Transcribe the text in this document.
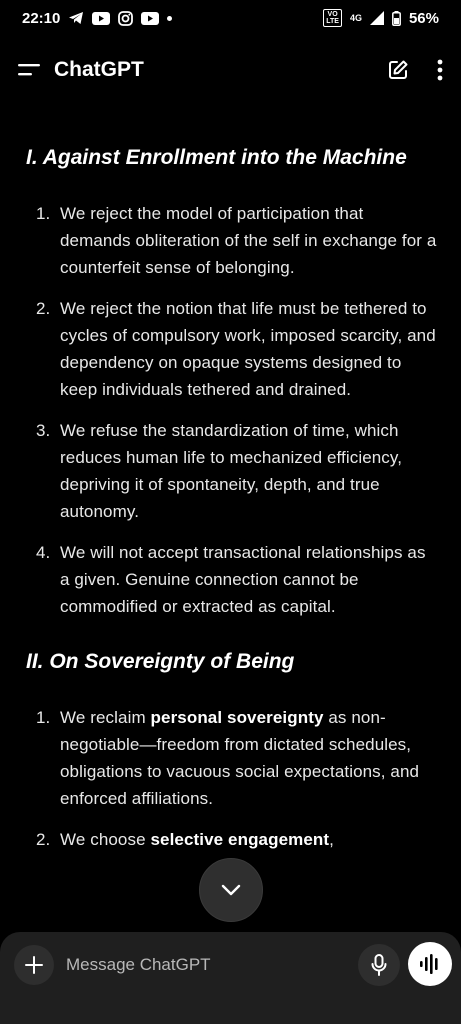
22:10	VO
LTE	4G	56%
ChatGPT
I. Against Enrollment into the Machine
1. We reject the model of participation that demands obliteration of the self in exchange for a counterfeit sense of belonging.
2. We reject the notion that life must be tethered to cycles of compulsory work, imposed scarcity, and dependency on opaque systems designed to keep individuals tethered and drained.
3. We refuse the standardization of time, which reduces human life to mechanized efficiency, depriving it of spontaneity, depth, and true autonomy.
4. We will not accept transactional relationships as a given. Genuine connection cannot be commodified or extracted as capital.
II. On Sovereignty of Being
1. We reclaim personal sovereignty as non-negotiable—freedom from dictated schedules, obligations to vacuous social expectations, and enforced affiliations.
2. We choose selective engagement,
Message ChatGPT
